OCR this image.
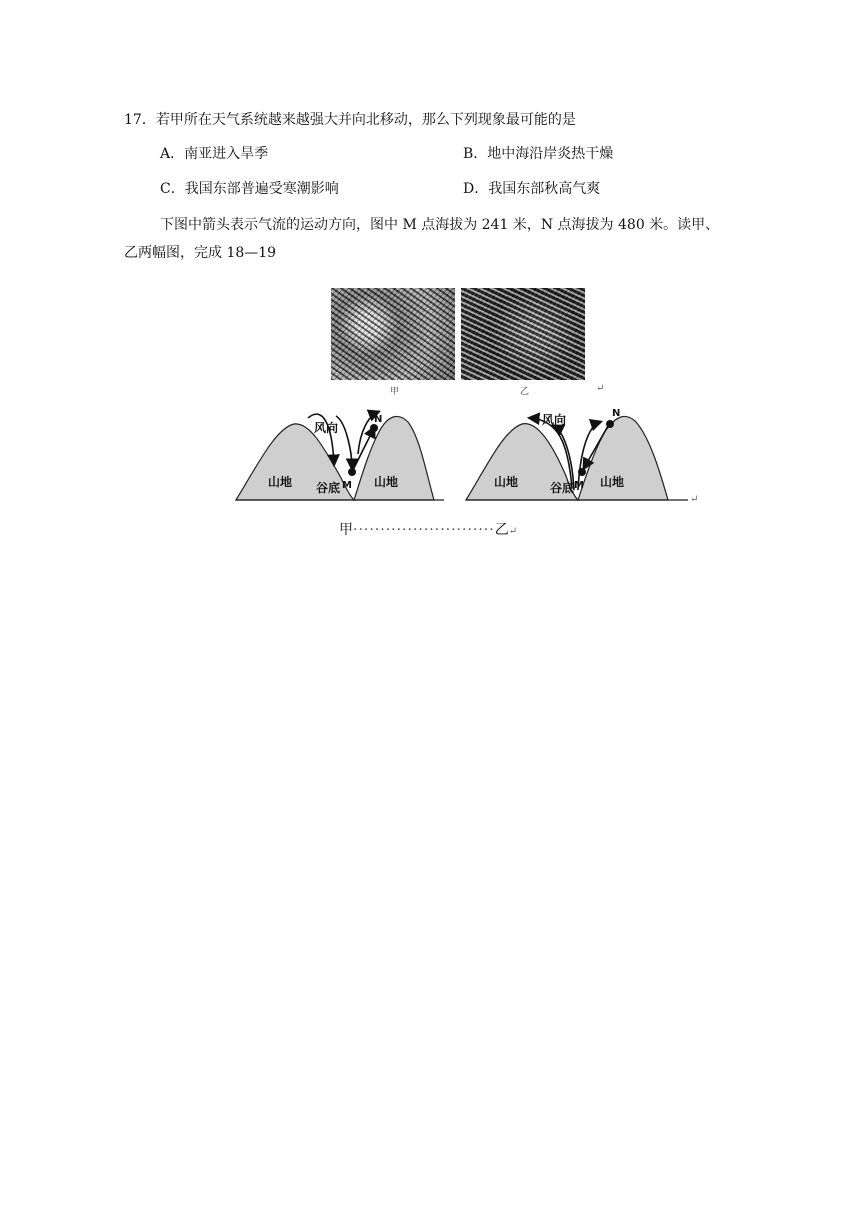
17．若甲所在天气系统越来越强大并向北移动，那么下列现象最可能的是
A．南亚进入旱季	B．地中海沿岸炎热干燥
C．我国东部普遍受寒潮影响	D．我国东部秋高气爽
下图中箭头表示气流的运动方向，图中 M 点海拔为 241 米，N 点海拔为 480 米。读甲、
乙两幅图，完成 18—19
甲	乙	↵
风向
山地 谷底	山地
M
N	风向
山地	谷底 山地
M
N
↵
甲··························乙↵
